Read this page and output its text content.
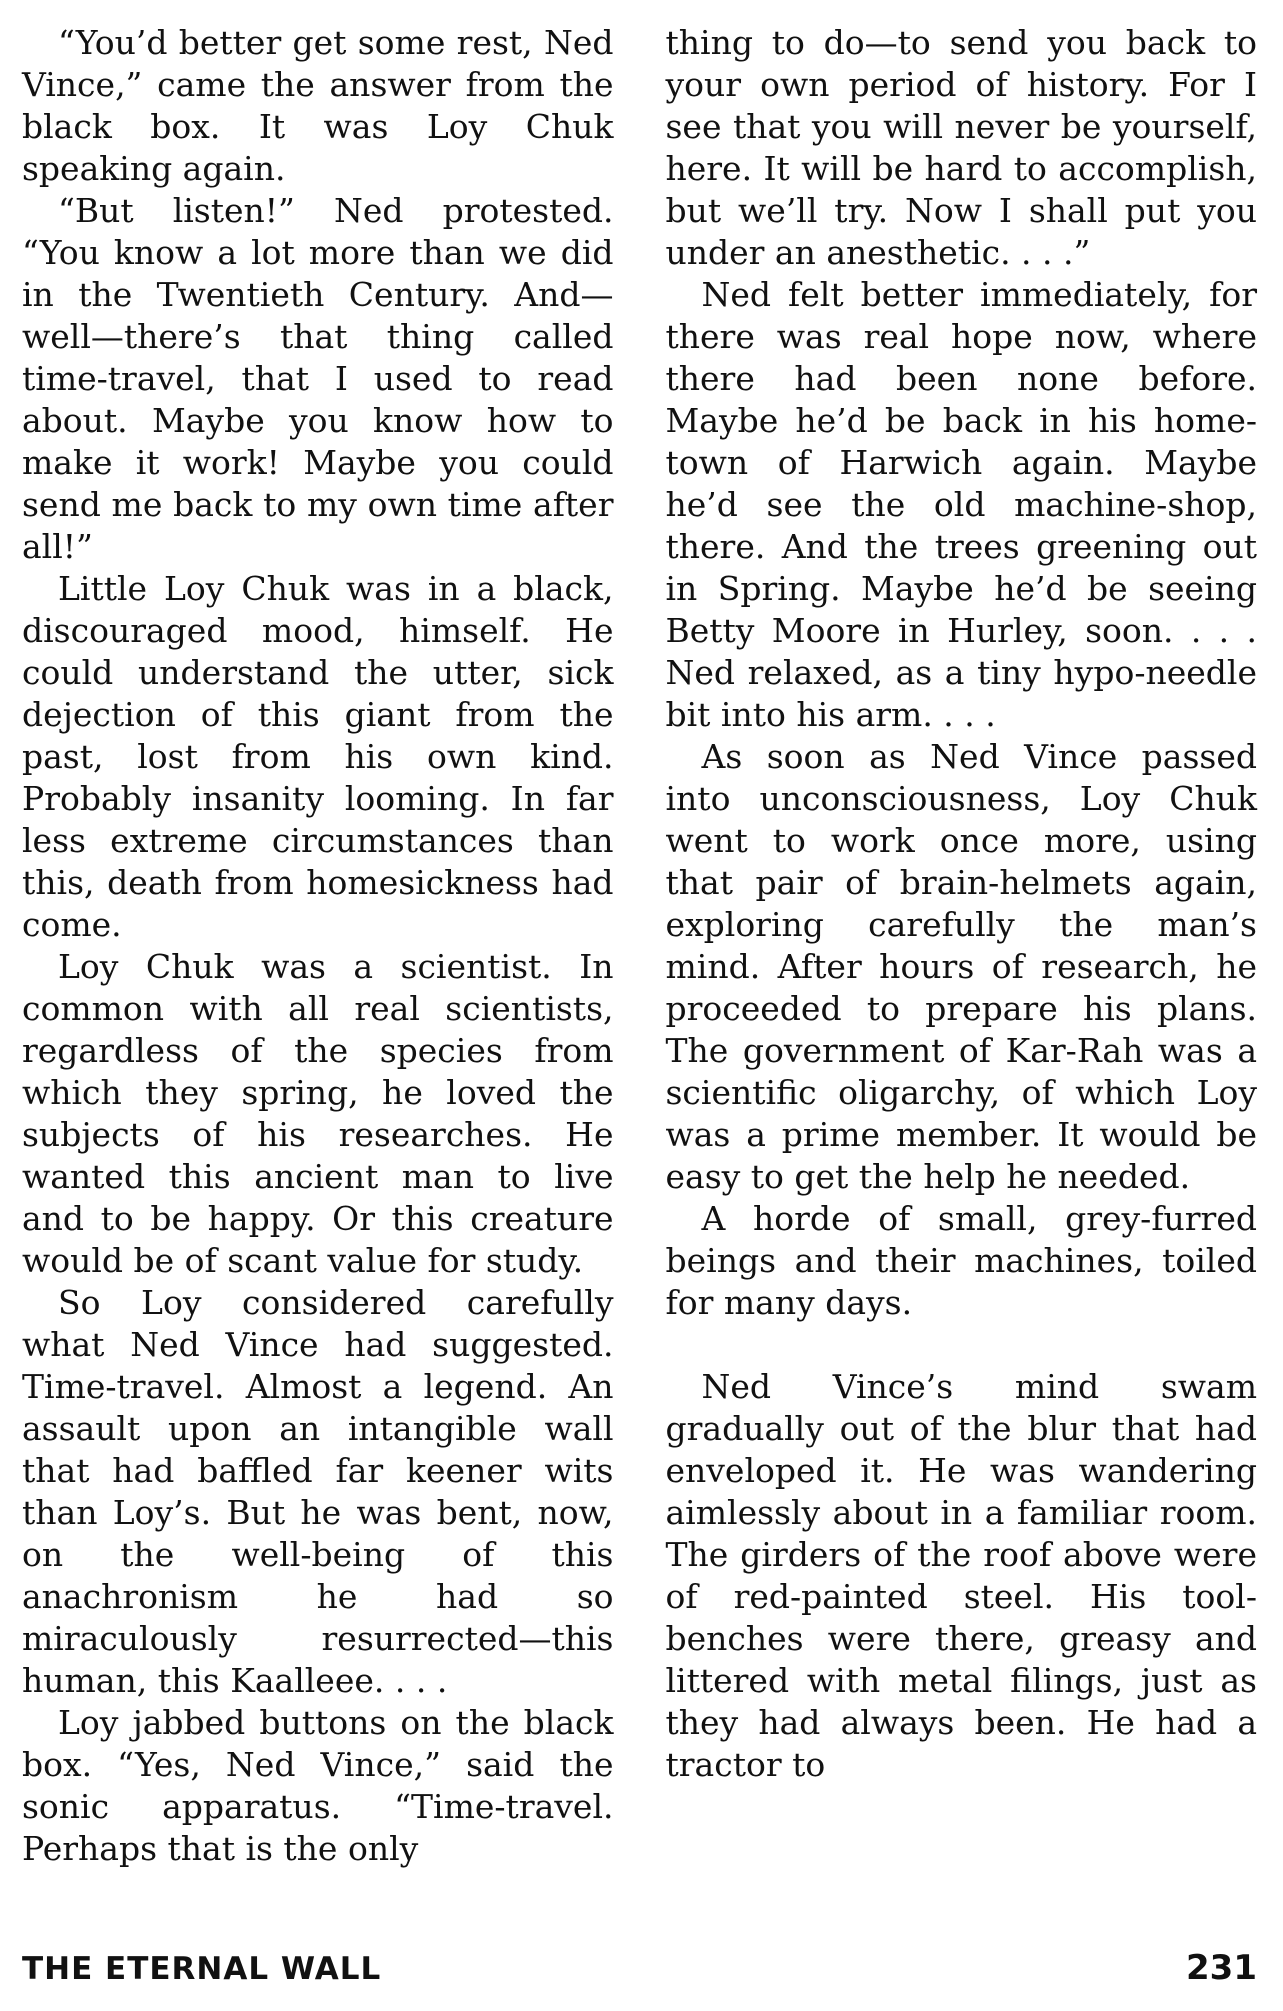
“You’d better get some rest, Ned Vince,” came the answer from the black box. It was Loy Chuk speaking again.

“But listen!” Ned protested. “You know a lot more than we did in the Twentieth Century. And—well—there’s that thing called time-travel, that I used to read about. Maybe you know how to make it work! Maybe you could send me back to my own time after all!”

Little Loy Chuk was in a black, discouraged mood, himself. He could understand the utter, sick dejection of this giant from the past, lost from his own kind. Probably insanity looming. In far less extreme circumstances than this, death from homesickness had come.

Loy Chuk was a scientist. In common with all real scientists, regardless of the species from which they spring, he loved the subjects of his researches. He wanted this ancient man to live and to be happy. Or this creature would be of scant value for study.

So Loy considered carefully what Ned Vince had suggested. Time-travel. Almost a legend. An assault upon an intangible wall that had baffled far keener wits than Loy’s. But he was bent, now, on the well-being of this anachronism he had so miraculously resurrected—this human, this Kaalleee. . . .

Loy jabbed buttons on the black box. “Yes, Ned Vince,” said the sonic apparatus. “Time-travel. Perhaps that is the only

thing to do—to send you back to your own period of history. For I see that you will never be yourself, here. It will be hard to accomplish, but we’ll try. Now I shall put you under an anesthetic. . . .”

Ned felt better immediately, for there was real hope now, where there had been none before. Maybe he’d be back in his home-town of Harwich again. Maybe he’d see the old machine-shop, there. And the trees greening out in Spring. Maybe he’d be seeing Betty Moore in Hurley, soon. . . . Ned relaxed, as a tiny hypo-needle bit into his arm. . . .

As soon as Ned Vince passed into unconsciousness, Loy Chuk went to work once more, using that pair of brain-helmets again, exploring carefully the man’s mind. After hours of research, he proceeded to prepare his plans. The government of Kar-Rah was a scientific oligarchy, of which Loy was a prime member. It would be easy to get the help he needed.

A horde of small, grey-furred beings and their machines, toiled for many days.

Ned Vince’s mind swam gradually out of the blur that had enveloped it. He was wandering aimlessly about in a familiar room. The girders of the roof above were of red-painted steel. His tool-benches were there, greasy and littered with metal filings, just as they had always been. He had a tractor to

THE ETERNAL WALL	231
